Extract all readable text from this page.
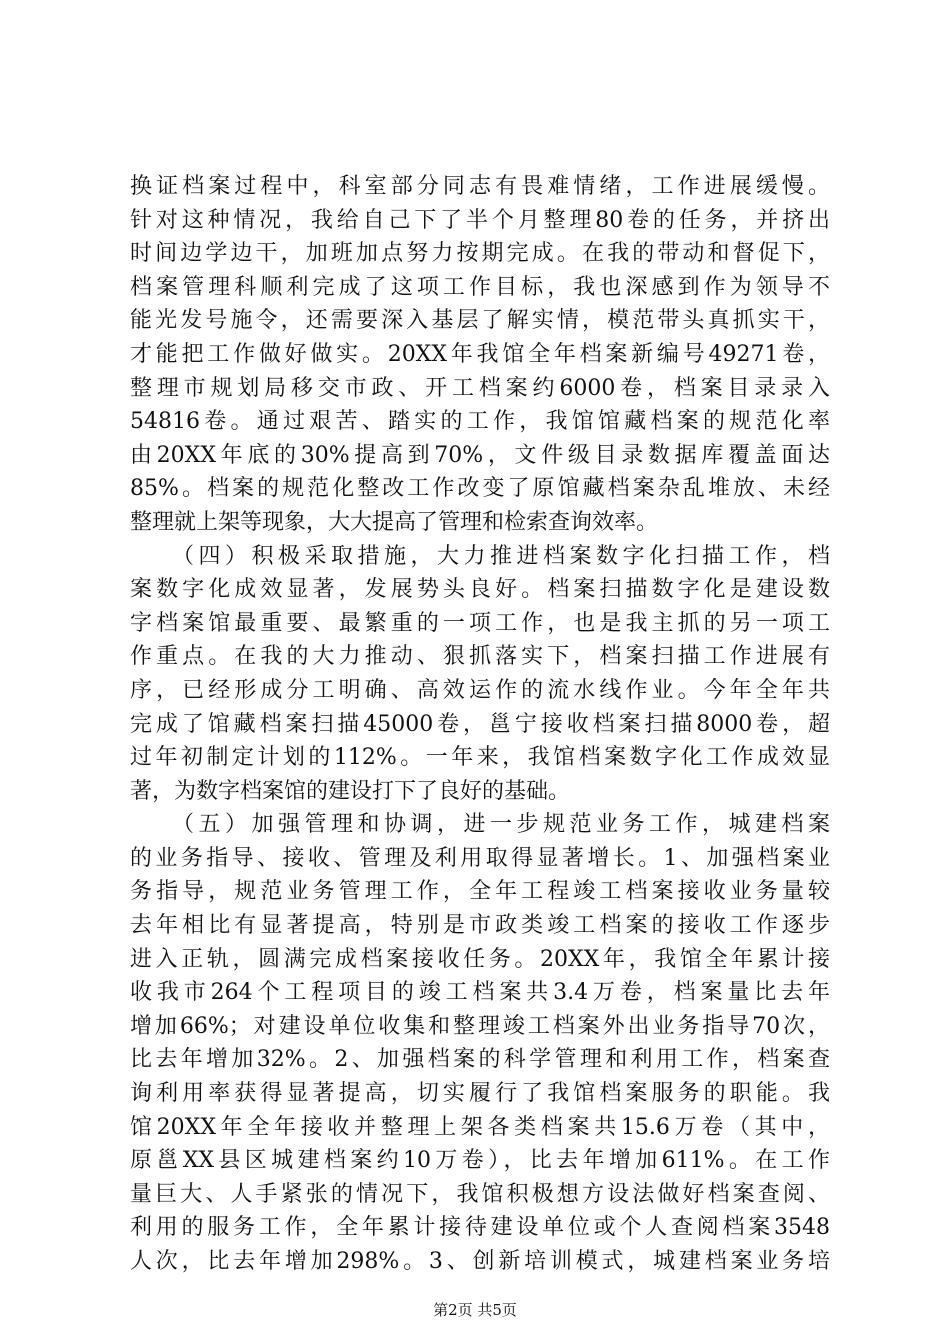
换证档案过程中，科室部分同志有畏难情绪，工作进展缓慢。
针对这种情况，我给自己下了半个月整理80卷的任务，并挤出
时间边学边干，加班加点努力按期完成。在我的带动和督促下，
档案管理科顺利完成了这项工作目标，我也深感到作为领导不
能光发号施令，还需要深入基层了解实情，模范带头真抓实干，
才能把工作做好做实。20XX年我馆全年档案新编号49271卷，
整理市规划局移交市政、开工档案约6000卷，档案目录录入
54816卷。通过艰苦、踏实的工作，我馆馆藏档案的规范化率
由20XX年底的30%提高到70%，文件级目录数据库覆盖面达
85%。档案的规范化整改工作改变了原馆藏档案杂乱堆放、未经
整理就上架等现象，大大提高了管理和检索查询效率。
　　（四）积极采取措施，大力推进档案数字化扫描工作，档
案数字化成效显著，发展势头良好。档案扫描数字化是建设数
字档案馆最重要、最繁重的一项工作，也是我主抓的另一项工
作重点。在我的大力推动、狠抓落实下，档案扫描工作进展有
序，已经形成分工明确、高效运作的流水线作业。今年全年共
完成了馆藏档案扫描45000卷，邕宁接收档案扫描8000卷，超
过年初制定计划的112%。一年来，我馆档案数字化工作成效显
著，为数字档案馆的建设打下了良好的基础。
　　（五）加强管理和协调，进一步规范业务工作，城建档案
的业务指导、接收、管理及利用取得显著增长。1、加强档案业
务指导，规范业务管理工作，全年工程竣工档案接收业务量较
去年相比有显著提高，特别是市政类竣工档案的接收工作逐步
进入正轨，圆满完成档案接收任务。20XX年，我馆全年累计接
收我市264个工程项目的竣工档案共3.4万卷，档案量比去年
增加66%；对建设单位收集和整理竣工档案外出业务指导70次，
比去年增加32%。2、加强档案的科学管理和利用工作，档案查
询利用率获得显著提高，切实履行了我馆档案服务的职能。我
馆20XX年全年接收并整理上架各类档案共15.6万卷（其中，
原邕XX县区城建档案约10万卷），比去年增加611%。在工作
量巨大、人手紧张的情况下，我馆积极想方设法做好档案查阅、
利用的服务工作，全年累计接待建设单位或个人查阅档案3548
人次，比去年增加298%。3、创新培训模式，城建档案业务培
第2页 共5页
